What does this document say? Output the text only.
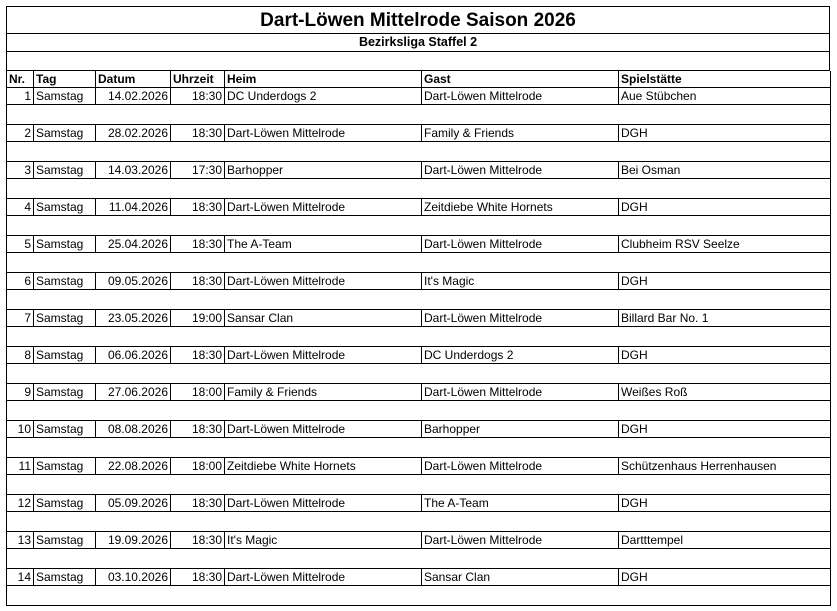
Dart-Löwen Mittelrode Saison 2026
Bezirksliga Staffel 2
Nr.	Tag	Datum	Uhrzeit	Heim	Gast	Spielstätte
1	Samstag	14.02.2026	18:30	DC Underdogs 2	Dart-Löwen Mittelrode	Aue Stübchen

2	Samstag	28.02.2026	18:30	Dart-Löwen Mittelrode	Family & Friends	DGH

3	Samstag	14.03.2026	17:30	Barhopper	Dart-Löwen Mittelrode	Bei Osman

4	Samstag	11.04.2026	18:30	Dart-Löwen Mittelrode	Zeitdiebe White Hornets	DGH

5	Samstag	25.04.2026	18:30	The A-Team	Dart-Löwen Mittelrode	Clubheim RSV Seelze

6	Samstag	09.05.2026	18:30	Dart-Löwen Mittelrode	It's Magic	DGH

7	Samstag	23.05.2026	19:00	Sansar Clan	Dart-Löwen Mittelrode	Billard Bar No. 1

8	Samstag	06.06.2026	18:30	Dart-Löwen Mittelrode	DC Underdogs 2	DGH

9	Samstag	27.06.2026	18:00	Family & Friends	Dart-Löwen Mittelrode	Weißes Roß

10	Samstag	08.08.2026	18:30	Dart-Löwen Mittelrode	Barhopper	DGH

11	Samstag	22.08.2026	18:00	Zeitdiebe White Hornets	Dart-Löwen Mittelrode	Schützenhaus Herrenhausen

12	Samstag	05.09.2026	18:30	Dart-Löwen Mittelrode	The A-Team	DGH

13	Samstag	19.09.2026	18:30	It's Magic	Dart-Löwen Mittelrode	Dartttempel

14	Samstag	03.10.2026	18:30	Dart-Löwen Mittelrode	Sansar Clan	DGH
